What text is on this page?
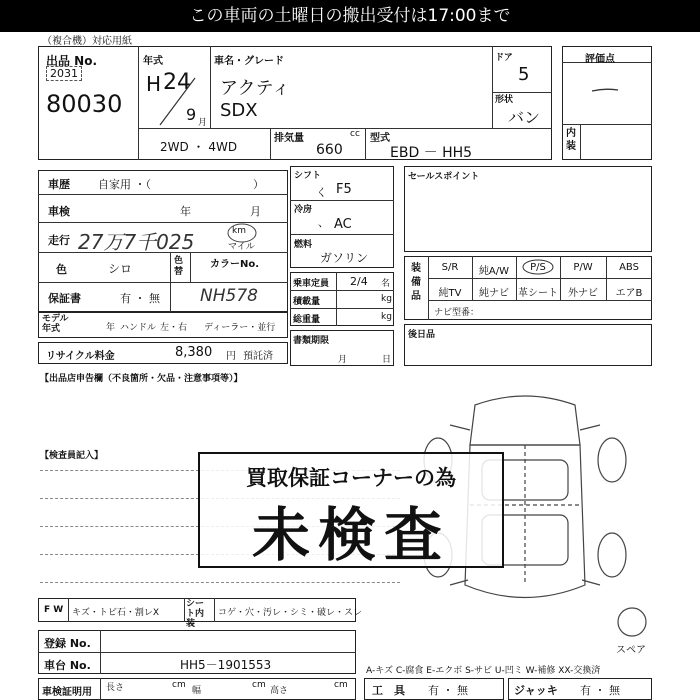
この車両の土曜日の搬出受付は17:00まで
（複合機）対応用紙
出品 No.
2031
80030
年式
H 24
9 月
車名・グレード
アクティ
SDX
ドア
5
形状
バン
2WD ・ 4WD
排気量	cc
660
型式
EBD － HH5
評価点
内装
車歴	自家用 ・（	）
車検	年	月
走行 27万7千025	km
マイル
色	シロ
色替
カラーNo.
NH578
保証書	有 ・ 無
モデル年式	年 ハンドル 左・右 ディーラー・並行
リサイクル料金	8,380 円 預託済
シフト
く F5
冷房
、 AC
燃料
ガソリン
乗車定員 2/4 名
積載量	kg
総重量	kg
書類期限
月	日
セールスポイント
装備品
S/R	純A/W	P/S	P/W	ABS
純TV	純ナビ 革シート	外ナビ	エアB
ナビ型番：
後日品
【出品店申告欄（不良箇所・欠品・注意事項等）】
【検査員記入】
スペア
買取保証コーナーの為
未検査
F W キズ・トビ石・割レX
シート内装
コゲ・穴・汚レ・シミ・破レ・スレ
登録 No.
車台 No.	HH5－1901553
車検証明用 長さ	cm
幅
cm
高さ
cm
A-キズ C-腐食 E-エクボ S-サビ U-凹ミ W-補修 XX-交換済
工　具 有 ・ 無	ジャッキ 有 ・ 無
